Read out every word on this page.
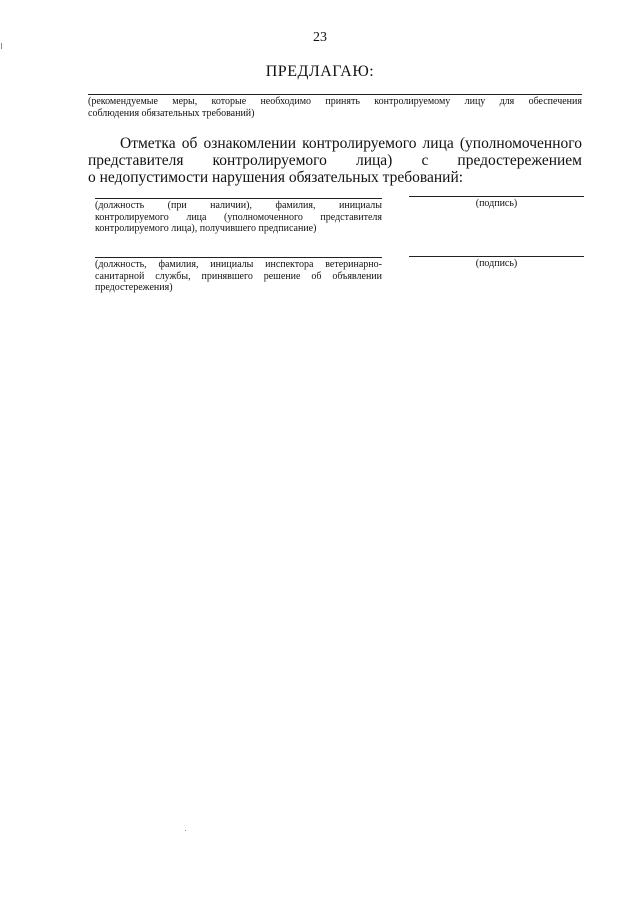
23
ПРЕДЛАГАЮ:
(рекомендуемые меры, которые необходимо принять контролируемому лицу для обеспечения
соблюдения обязательных требований)
Отметка об ознакомлении контролируемого лица (уполномоченного
представителя контролируемого лица) с предостережением
о недопустимости нарушения обязательных требований:
(должность (при наличии), фамилия, инициалы
контролируемого лица (уполномоченного представителя
контролируемого лица), получившего предписание)
(подпись)
(должность, фамилия, инициалы инспектора ветеринарно-
санитарной службы, принявшего решение об объявлении
предостережения)
(подпись)
